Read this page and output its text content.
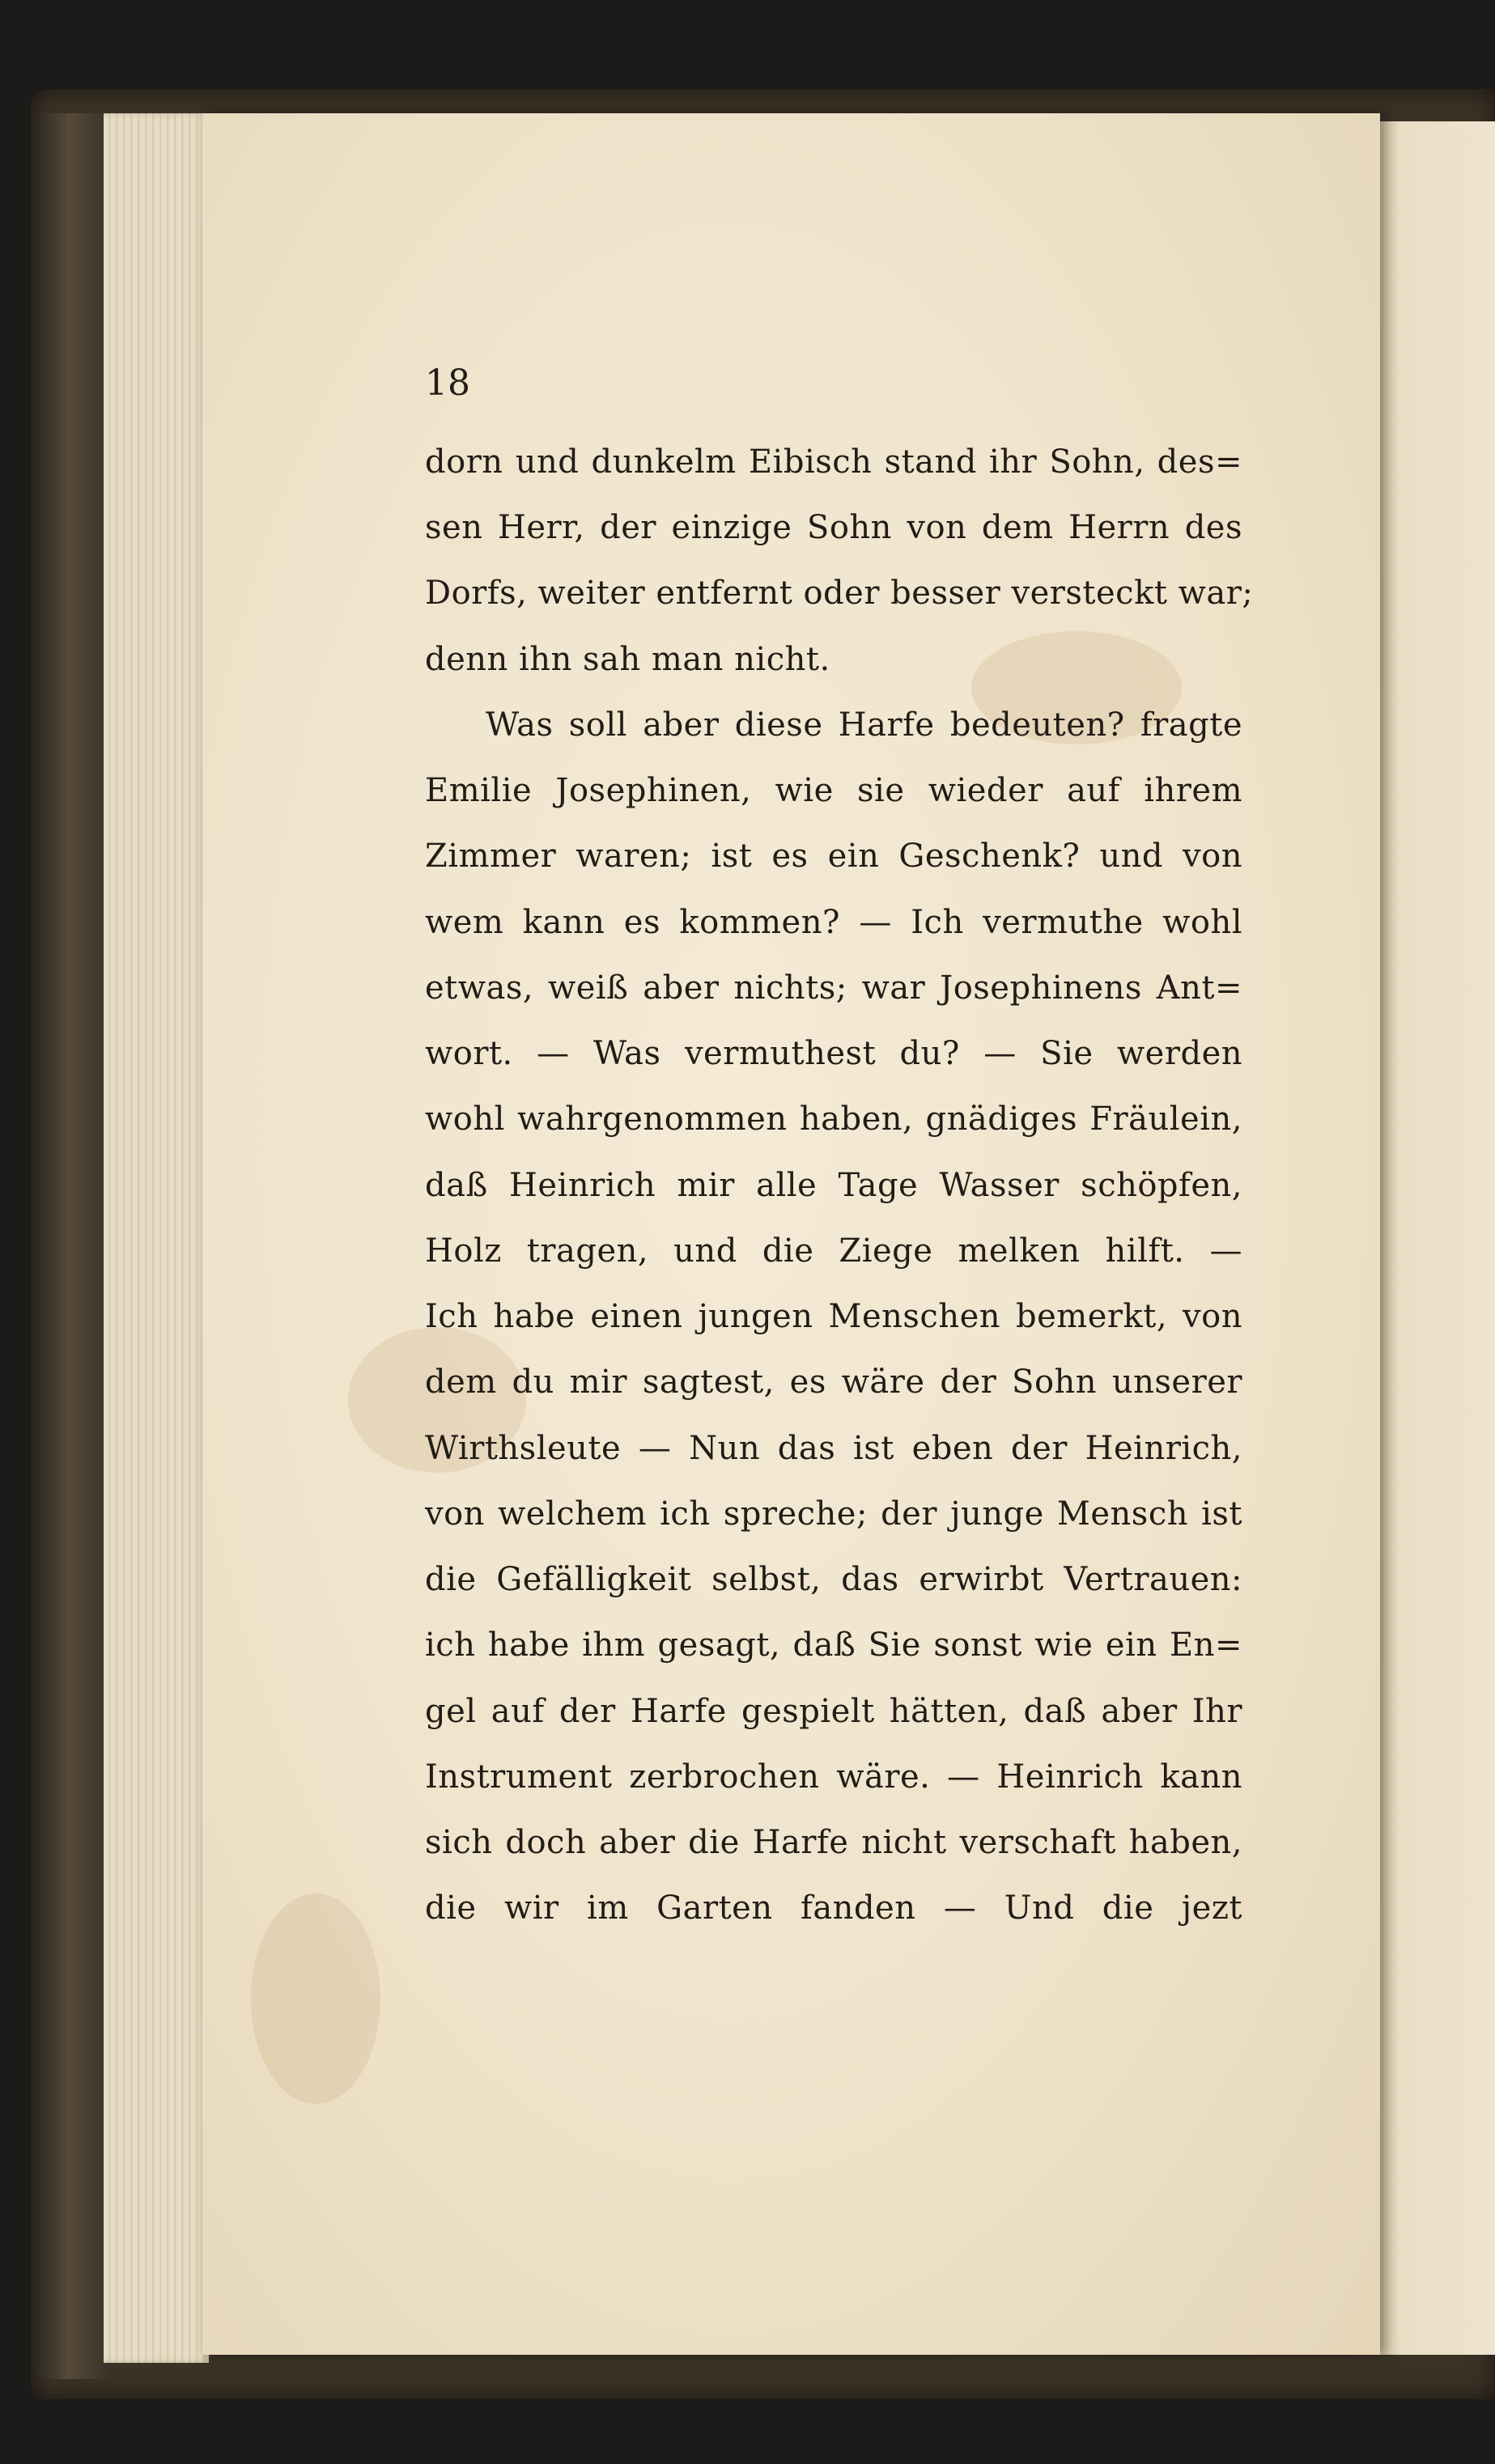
18
dorn und dunkelm Eibisch stand ihr Sohn, des=
sen Herr, der einzige Sohn von dem Herrn des
Dorfs, weiter entfernt oder besser versteckt war;
denn ihn sah man nicht.
Was soll aber diese Harfe bedeuten? fragte
Emilie Josephinen, wie sie wieder auf ihrem
Zimmer waren; ist es ein Geschenk? und von
wem kann es kommen? — Ich vermuthe wohl
etwas, weiß aber nichts; war Josephinens Ant=
wort. — Was vermuthest du? — Sie werden
wohl wahrgenommen haben, gnädiges Fräulein,
daß Heinrich mir alle Tage Wasser schöpfen,
Holz tragen, und die Ziege melken hilft. —
Ich habe einen jungen Menschen bemerkt, von
dem du mir sagtest, es wäre der Sohn unserer
Wirthsleute — Nun das ist eben der Heinrich,
von welchem ich spreche; der junge Mensch ist
die Gefälligkeit selbst, das erwirbt Vertrauen:
ich habe ihm gesagt, daß Sie sonst wie ein En=
gel auf der Harfe gespielt hätten, daß aber Ihr
Instrument zerbrochen wäre. — Heinrich kann
sich doch aber die Harfe nicht verschaft haben,
die wir im Garten fanden — Und die jezt
